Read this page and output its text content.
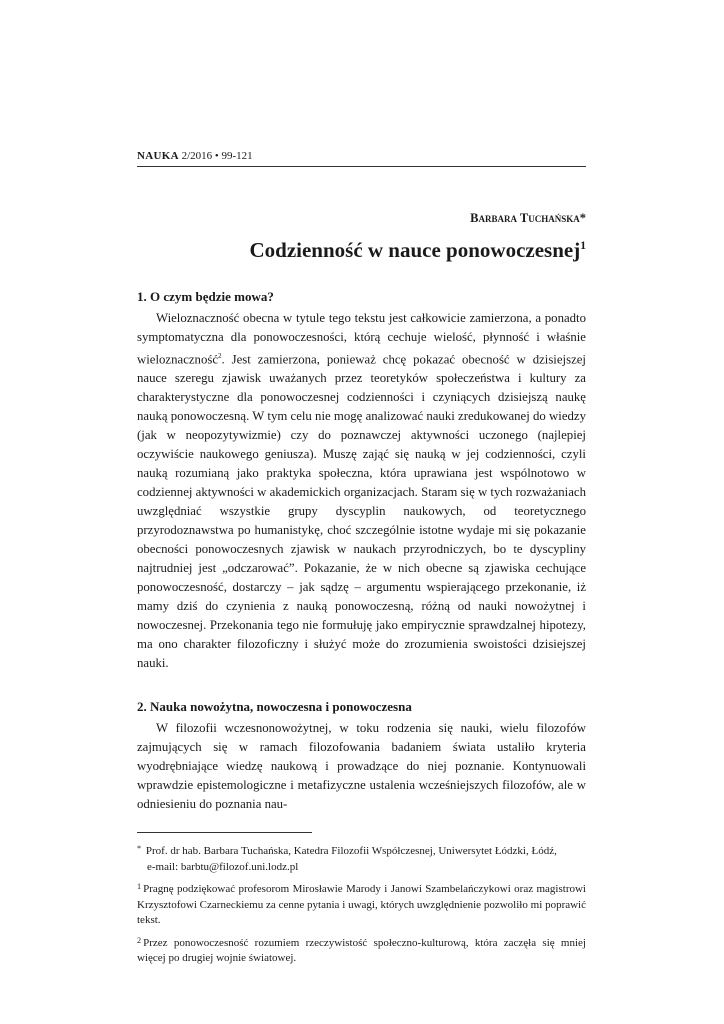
NAUKA 2/2016 • 99-121
Barbara Tuchańska*
Codzienność w nauce ponowoczesnej$^1$
1. O czym będzie mowa?

Wieloznaczność obecna w tytule tego tekstu jest całkowicie zamierzona, a ponadto symptomatyczna dla ponowoczesności, którą cechuje wielość, płynność i właśnie wieloznaczność$^2$. Jest zamierzona, ponieważ chcę pokazać obecność w dzisiejszej nauce szeregu zjawisk uważanych przez teoretyków społeczeństwa i kultury za charakterystyczne dla ponowoczesnej codzienności i czyniących dzisiejszą naukę nauką ponowoczesną. W tym celu nie mogę analizować nauki zredukowanej do wiedzy (jak w neopozytywizmie) czy do poznawczej aktywności uczonego (najlepiej oczywiście naukowego geniusza). Muszę zająć się nauką w jej codzienności, czyli nauką rozumianą jako praktyka społeczna, która uprawiana jest wspólnotowo w codziennej aktywności w akademickich organizacjach. Staram się w tych rozważaniach uwzględniać wszystkie grupy dyscyplin naukowych, od teoretycznego przyrodoznawstwa po humanistykę, choć szczególnie istotne wydaje mi się pokazanie obecności ponowoczesnych zjawisk w naukach przyrodniczych, bo te dyscypliny najtrudniej jest „odczarować”. Pokazanie, że w nich obecne są zjawiska cechujące ponowoczesność, dostarczy – jak sądzę – argumentu wspierającego przekonanie, iż mamy dziś do czynienia z nauką ponowoczesną, różną od nauki nowożytnej i nowoczesnej. Przekonania tego nie formułuję jako empirycznie sprawdzalnej hipotezy, ma ono charakter filozoficzny i służyć może do zrozumienia swoistości dzisiejszej nauki.

2. Nauka nowożytna, nowoczesna i ponowoczesna

W filozofii wczesnonowożytnej, w toku rodzenia się nauki, wielu filozofów zajmujących się w ramach filozofowania badaniem świata ustaliło kryteria wyodrębniające wiedzę naukową i prowadzące do niej poznanie. Kontynuowali wprawdzie epistemologiczne i metafizyczne ustalenia wcześniejszych filozofów, ale w odniesieniu do poznania nau-

* Prof. dr hab. Barbara Tuchańska, Katedra Filozofii Współczesnej, Uniwersytet Łódzki, Łódź,
e-mail: barbtu@filozof.uni.lodz.pl
$^1$ Pragnę podziękować profesorom Mirosławie Marody i Janowi Szambelańczykowi oraz magistrowi Krzysztofowi Czarneckiemu za cenne pytania i uwagi, których uwzględnienie pozwoliło mi poprawić tekst.
$^2$ Przez ponowoczesność rozumiem rzeczywistość społeczno-kulturową, która zaczęła się mniej więcej po drugiej wojnie światowej.
